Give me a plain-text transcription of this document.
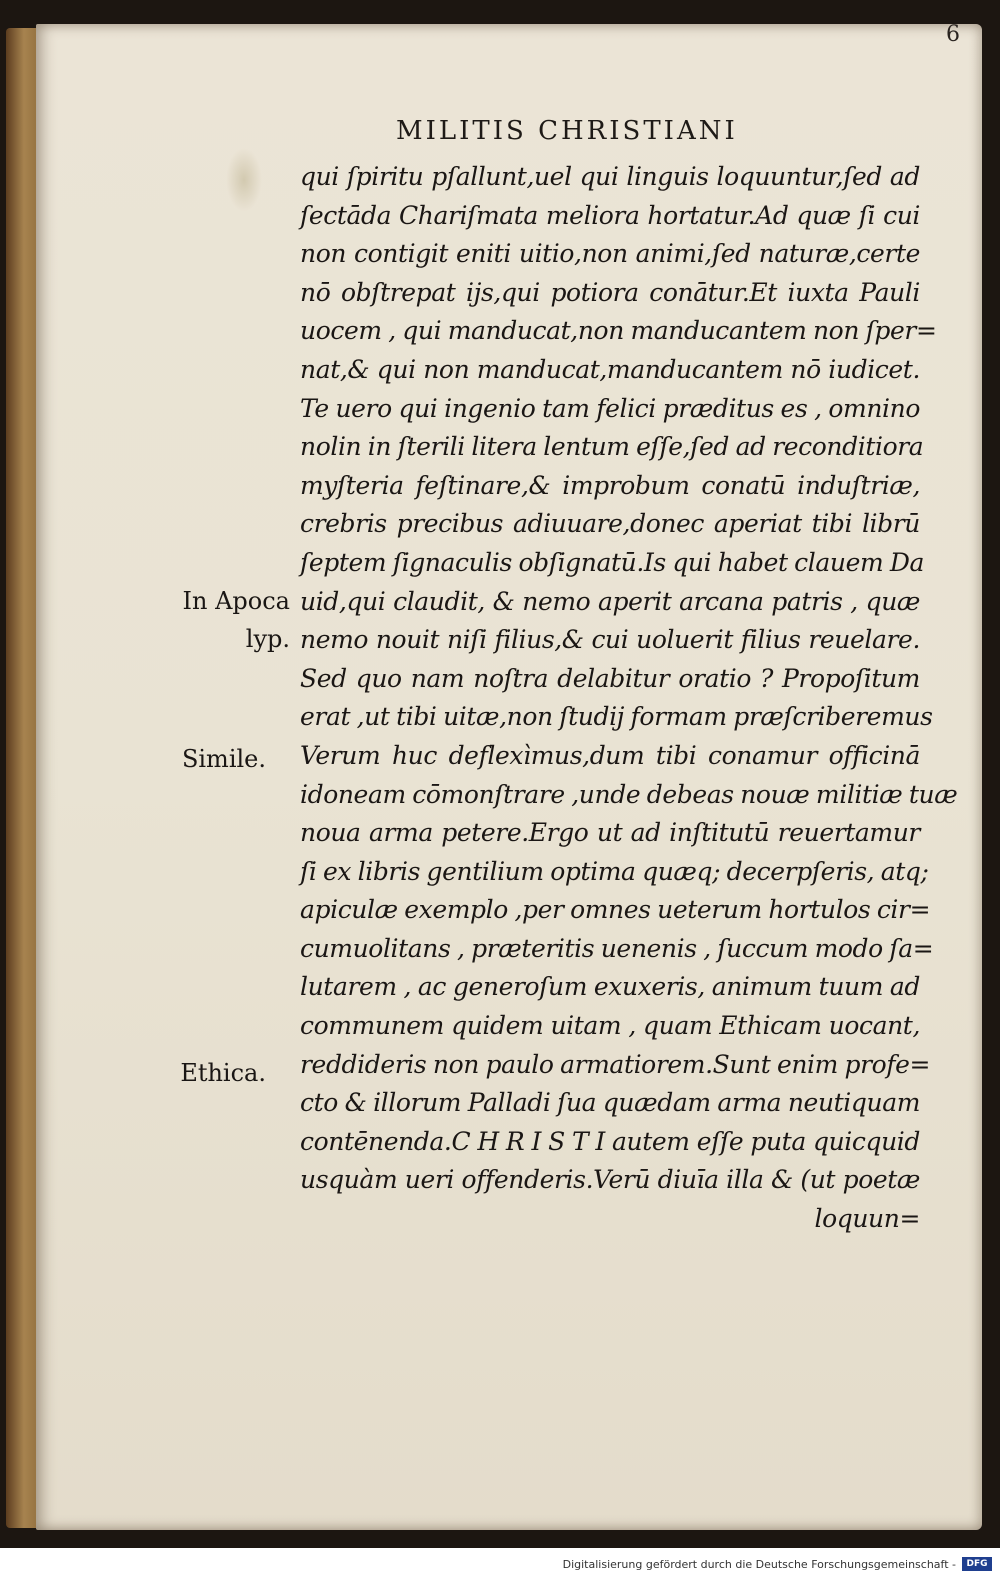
6
MILITIS CHRISTIANI
qui ſpiritu pſallunt,uel qui linguis loquuntur,ſed ad
ſectāda Chariſmata meliora hortatur.Ad quæ ſi cui
non contigit eniti uitio,non animi,ſed naturæ,certe
nō obſtrepat iјs,qui potiora conātur.Et iuxta Pauli
uocem , qui manducat,non manducantem non ſper=
nat,& qui non manducat,manducantem nō iudicet.
Te uero qui ingenio tam felici præditus es , omnino
nolin in ſterili litera lentum eſſe,ſed ad reconditiora
myſteria feſtinare,& improbum conatū induſtriæ,
crebris precibus adiuuare,donec aperiat tibi librū
ſeptem ſignaculis obſignatū.Is qui habet clauem Da
uid,qui claudit, & nemo aperit arcana patris , quæ
nemo nouit niſi filius,& cui uoluerit filius reuelare.
Sed quo nam noſtra delabitur oratio ? Propoſitum
erat ,ut tibi uitæ,non ſtudij formam præſcriberemus
Verum huc deflexìmus,dum tibi conamur officinā
idoneam cōmonſtrare ,unde debeas nouæ militiæ tuæ
noua arma petere.Ergo ut ad inſtitutū reuertamur
ſi ex libris gentilium optima quæq; decerpſeris, atq;
apiculæ exemplo ,per omnes ueterum hortulos cir=
cumuolitans , præteritis uenenis , ſuccum modo ſa=
lutarem , ac generoſum exuxeris, animum tuum ad
communem quidem uitam , quam Ethicam uocant,
reddideris non paulo armatiorem.Sunt enim profe=
cto & illorum Palladi ſua quædam arma neutiquam
contēnenda.C H R I S T I autem eſſe puta quicquid
usquàm ueri offenderis.Verū diuīa illa & (ut poetæ
loquun=
In Apoca
lyp.
Simile.
Ethica.
Digitalisierung gefördert durch die Deutsche Forschungsgemeinschaft -	DFG
